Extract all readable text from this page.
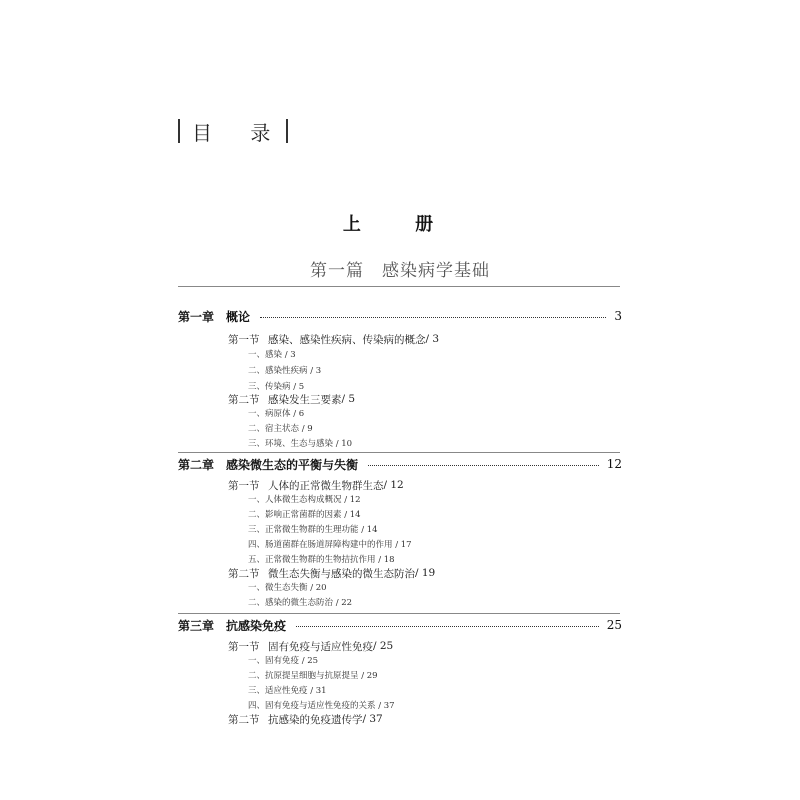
目 录
上 册
第一篇 感染病学基础
第一章 概论	3
第一节 感染、感染性疾病、传染病的概念 / 3
一、感染 / 3
二、感染性疾病 / 3
三、传染病 / 5
第二节 感染发生三要素 / 5
一、病原体 / 6
二、宿主状态 / 9
三、环境、生态与感染 / 10
第二章 感染微生态的平衡与失衡	12
第一节 人体的正常微生物群生态 / 12
一、人体微生态构成概况 / 12
二、影响正常菌群的因素 / 14
三、正常微生物群的生理功能 / 14
四、肠道菌群在肠道屏障构建中的作用 / 17
五、正常微生物群的生物拮抗作用 / 18
第二节 微生态失衡与感染的微生态防治 / 19
一、微生态失衡 / 20
二、感染的微生态防治 / 22
第三章 抗感染免疫	25
第一节 固有免疫与适应性免疫 / 25
一、固有免疫 / 25
二、抗原提呈细胞与抗原提呈 / 29
三、适应性免疫 / 31
四、固有免疫与适应性免疫的关系 / 37
第二节 抗感染的免疫遗传学 / 37
